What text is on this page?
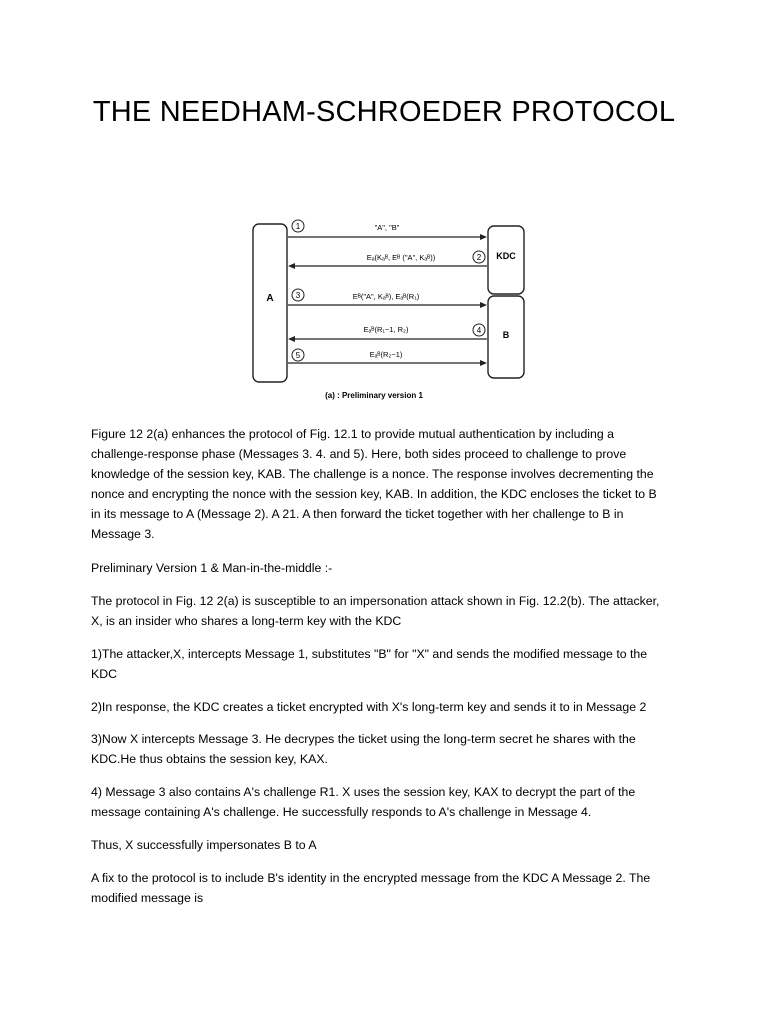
THE NEEDHAM-SCHROEDER PROTOCOL
A
KDC
B
1	"A", "B"
2
Eₐ(Kₐᴮ, Eᴮ ("A", Kₐᴮ))
3	Eᴮ("A", Kₐᴮ), Eₐᴮ(R₁)
4
Eₐᴮ(R₁−1, R₂)
5	Eₐᴮ(R₂−1)
(a) : Preliminary version 1

Figure 12 2(a) enhances the protocol of Fig. 12.1 to provide mutual authentication by including a

challenge-response phase (Messages 3. 4. and 5). Here, both sides proceed to challenge to prove

knowledge of the session key, KAB. The challenge is a nonce. The response involves decrementing the

nonce and encrypting the nonce with the session key, KAB. In addition, the KDC encloses the ticket to B

in its message to A (Message 2). A 21. A then forward the ticket together with her challenge to B in

Message 3.

Preliminary Version 1 & Man-in-the-middle :-

The protocol in Fig. 12 2(a) is susceptible to an impersonation attack shown in Fig. 12.2(b). The attacker,

X, is an insider who shares a long-term key with the KDC

1)The attacker,X, intercepts Message 1, substitutes "B" for "X" and sends the modified message to the

KDC

2)In response, the KDC creates a ticket encrypted with X's long-term key and sends it to in Message 2

3)Now X intercepts Message 3. He decrypes the ticket using the long-term secret he shares with the

KDC.He thus obtains the session key, KAX.

4) Message 3 also contains A's challenge R1. X uses the session key, KAX to decrypt the part of the

message containing A's challenge. He successfully responds to A's challenge in Message 4.

Thus, X successfully impersonates B to A

A fix to the protocol is to include B's identity in the encrypted message from the KDC A Message 2. The

modified message is
